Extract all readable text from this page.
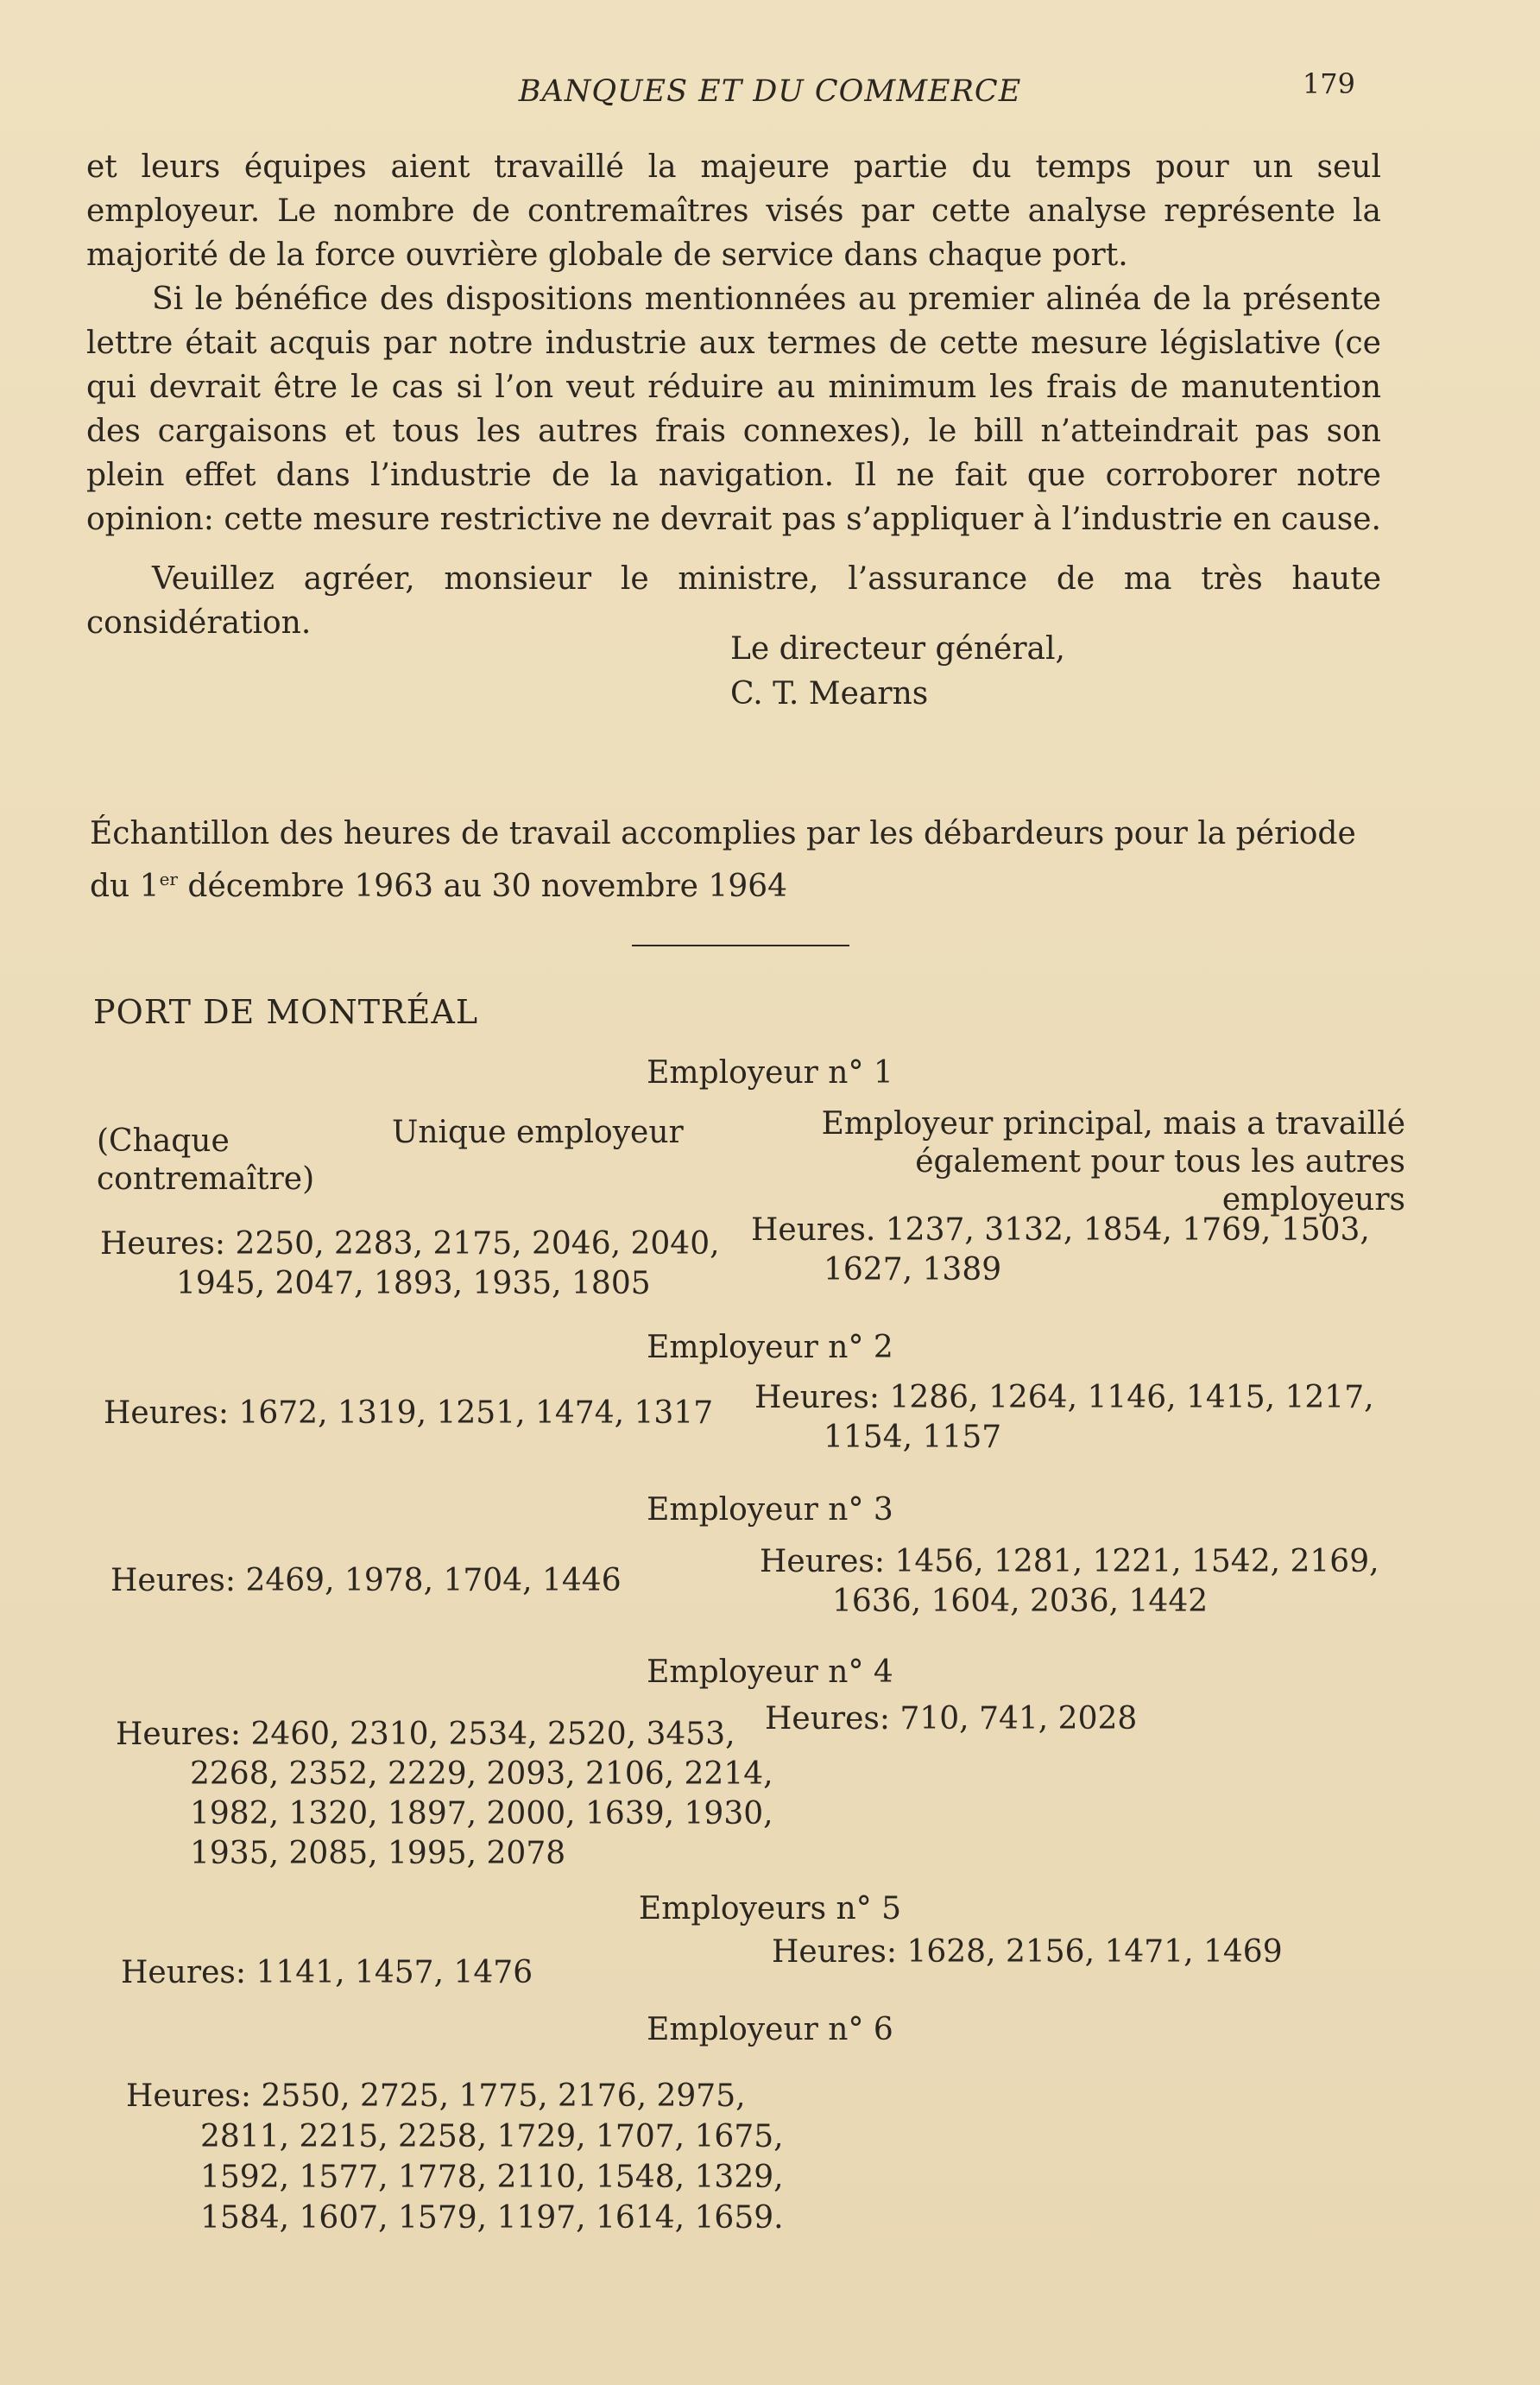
BANQUES ET DU COMMERCE	179

et leurs équipes aient travaillé la majeure partie du temps pour un seul employeur. Le nombre de contremaîtres visés par cette analyse représente la majorité de la force ouvrière globale de service dans chaque port.

Si le bénéfice des dispositions mentionnées au premier alinéa de la présente lettre était acquis par notre industrie aux termes de cette mesure législative (ce qui devrait être le cas si l’on veut réduire au minimum les frais de manutention des cargaisons et tous les autres frais connexes), le bill n’atteindrait pas son plein effet dans l’industrie de la navigation. Il ne fait que corroborer notre opinion: cette mesure restrictive ne devrait pas s’appliquer à l’industrie en cause.

Veuillez agréer, monsieur le ministre, l’assurance de ma très haute considération.

Le directeur général,
C. T. Mearns
Échantillon des heures de travail accomplies par les débardeurs pour la période
du 1er décembre 1963 au 30 novembre 1964
PORT DE MONTRÉAL
Employeur n° 1
(Chaque contremaître)
Unique employeur	Employeur principal, mais a travaillé également pour tous les autres employeurs
Heures: 2250, 2283, 2175, 2046, 2040,
1945, 2047, 1893, 1935, 1805
Heures. 1237, 3132, 1854, 1769, 1503,
1627, 1389
Employeur n° 2
Heures: 1672, 1319, 1251, 1474, 1317 Heures: 1286, 1264, 1146, 1415, 1217,
1154, 1157
Employeur n° 3
Heures: 2469, 1978, 1704, 1446
Heures: 1456, 1281, 1221, 1542, 2169,
1636, 1604, 2036, 1442
Employeur n° 4
Heures: 2460, 2310, 2534, 2520, 3453,
2268, 2352, 2229, 2093, 2106, 2214,
1982, 1320, 1897, 2000, 1639, 1930,
1935, 2085, 1995, 2078
Heures: 710, 741, 2028
Employeurs n° 5
Heures: 1141, 1457, 1476
Heures: 1628, 2156, 1471, 1469
Employeur n° 6
Heures: 2550, 2725, 1775, 2176, 2975,
2811, 2215, 2258, 1729, 1707, 1675,
1592, 1577, 1778, 2110, 1548, 1329,
1584, 1607, 1579, 1197, 1614, 1659.
